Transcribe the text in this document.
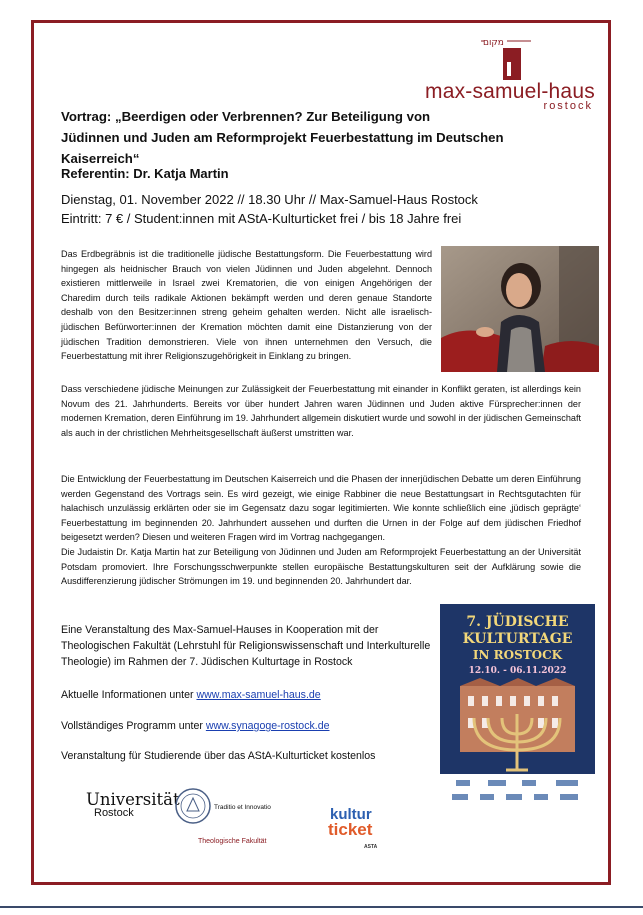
מקום
max-samuel-haus
rostock
Vortrag: „Beerdigen oder Verbrennen? Zur Beteiligung von
Jüdinnen und Juden am Reformprojekt Feuerbestattung im Deutschen Kaiserreich“
Referentin: Dr. Katja Martin
Dienstag, 01. November 2022 // 18.30 Uhr // Max-Samuel-Haus Rostock
Eintritt: 7 € / Student:innen mit AStA-Kulturticket frei / bis 18 Jahre frei
Das Erdbegräbnis ist die traditionelle jüdische Bestattungsform. Die Feuerbestattung wird hingegen als heidnischer Brauch von vielen Jüdinnen und Juden abgelehnt. Dennoch existieren mittlerweile in Israel zwei Krematorien, die von einigen Angehörigen der Charedim durch teils radikale Aktionen bekämpft werden und deren genaue Standorte deshalb von den Besitzer:innen streng geheim gehalten werden. Nicht alle israelisch-jüdischen Befürworter:innen der Kremation möchten damit eine Distanzierung von der jüdischen Tradition demonstrieren. Viele von ihnen unternehmen den Versuch, die Feuerbestattung mit ihrer Religionszugehörigkeit in Einklang zu bringen.
Dass verschiedene jüdische Meinungen zur Zulässigkeit der Feuerbestattung mit einander in Konflikt geraten, ist allerdings kein Novum des 21. Jahrhunderts. Bereits vor über hundert Jahren waren Jüdinnen und Juden aktive Fürsprecher:innen der modernen Kremation, deren Einführung im 19. Jahrhundert allgemein diskutiert wurde und sowohl in der jüdischen Gemeinschaft als auch in der christlichen Mehrheitsgesellschaft äußerst umstritten war.
Die Entwicklung der Feuerbestattung im Deutschen Kaiserreich und die Phasen der innerjüdischen Debatte um deren Einführung werden Gegenstand des Vortrags sein. Es wird gezeigt, wie einige Rabbiner die neue Bestattungsart in Rechtsgutachten für halachisch unzulässig erklärten oder sie im Gegensatz dazu sogar legitimierten. Wie konnte schließlich eine ‚jüdisch geprägte‘ Feuerbestattung im beginnenden 20. Jahrhundert aussehen und durften die Urnen in der Folge auf dem jüdischen Friedhof beigesetzt werden? Diesen und weiteren Fragen wird im Vortrag nachgegangen.
Die Judaistin Dr. Katja Martin hat zur Beteiligung von Jüdinnen und Juden am Reformprojekt Feuerbestattung an der Universität Potsdam promoviert. Ihre Forschungsschwerpunkte stellen europäische Bestattungskulturen seit der Aufklärung sowie die Ausdifferenzierung jüdischer Strömungen im 19. und beginnenden 20. Jahrhundert dar.
Eine Veranstaltung des Max-Samuel-Hauses in Kooperation mit der Theologischen Fakultät (Lehrstuhl für Religionswissenschaft und Interkulturelle Theologie) im Rahmen der 7. Jüdischen Kulturtage in Rostock
Aktuelle Informationen unter www.max-samuel-haus.de
Vollständiges Programm unter www.synagoge-rostock.de
Veranstaltung für Studierende über das AStA-Kulturticket kostenlos
7. JÜDISCHE
KULTURTAGE
IN ROSTOCK
12.10. - 06.11.2022
Universität
Rostock	Traditio et Innovatio
Theologische Fakultät
kultur
ticket
ASTA
